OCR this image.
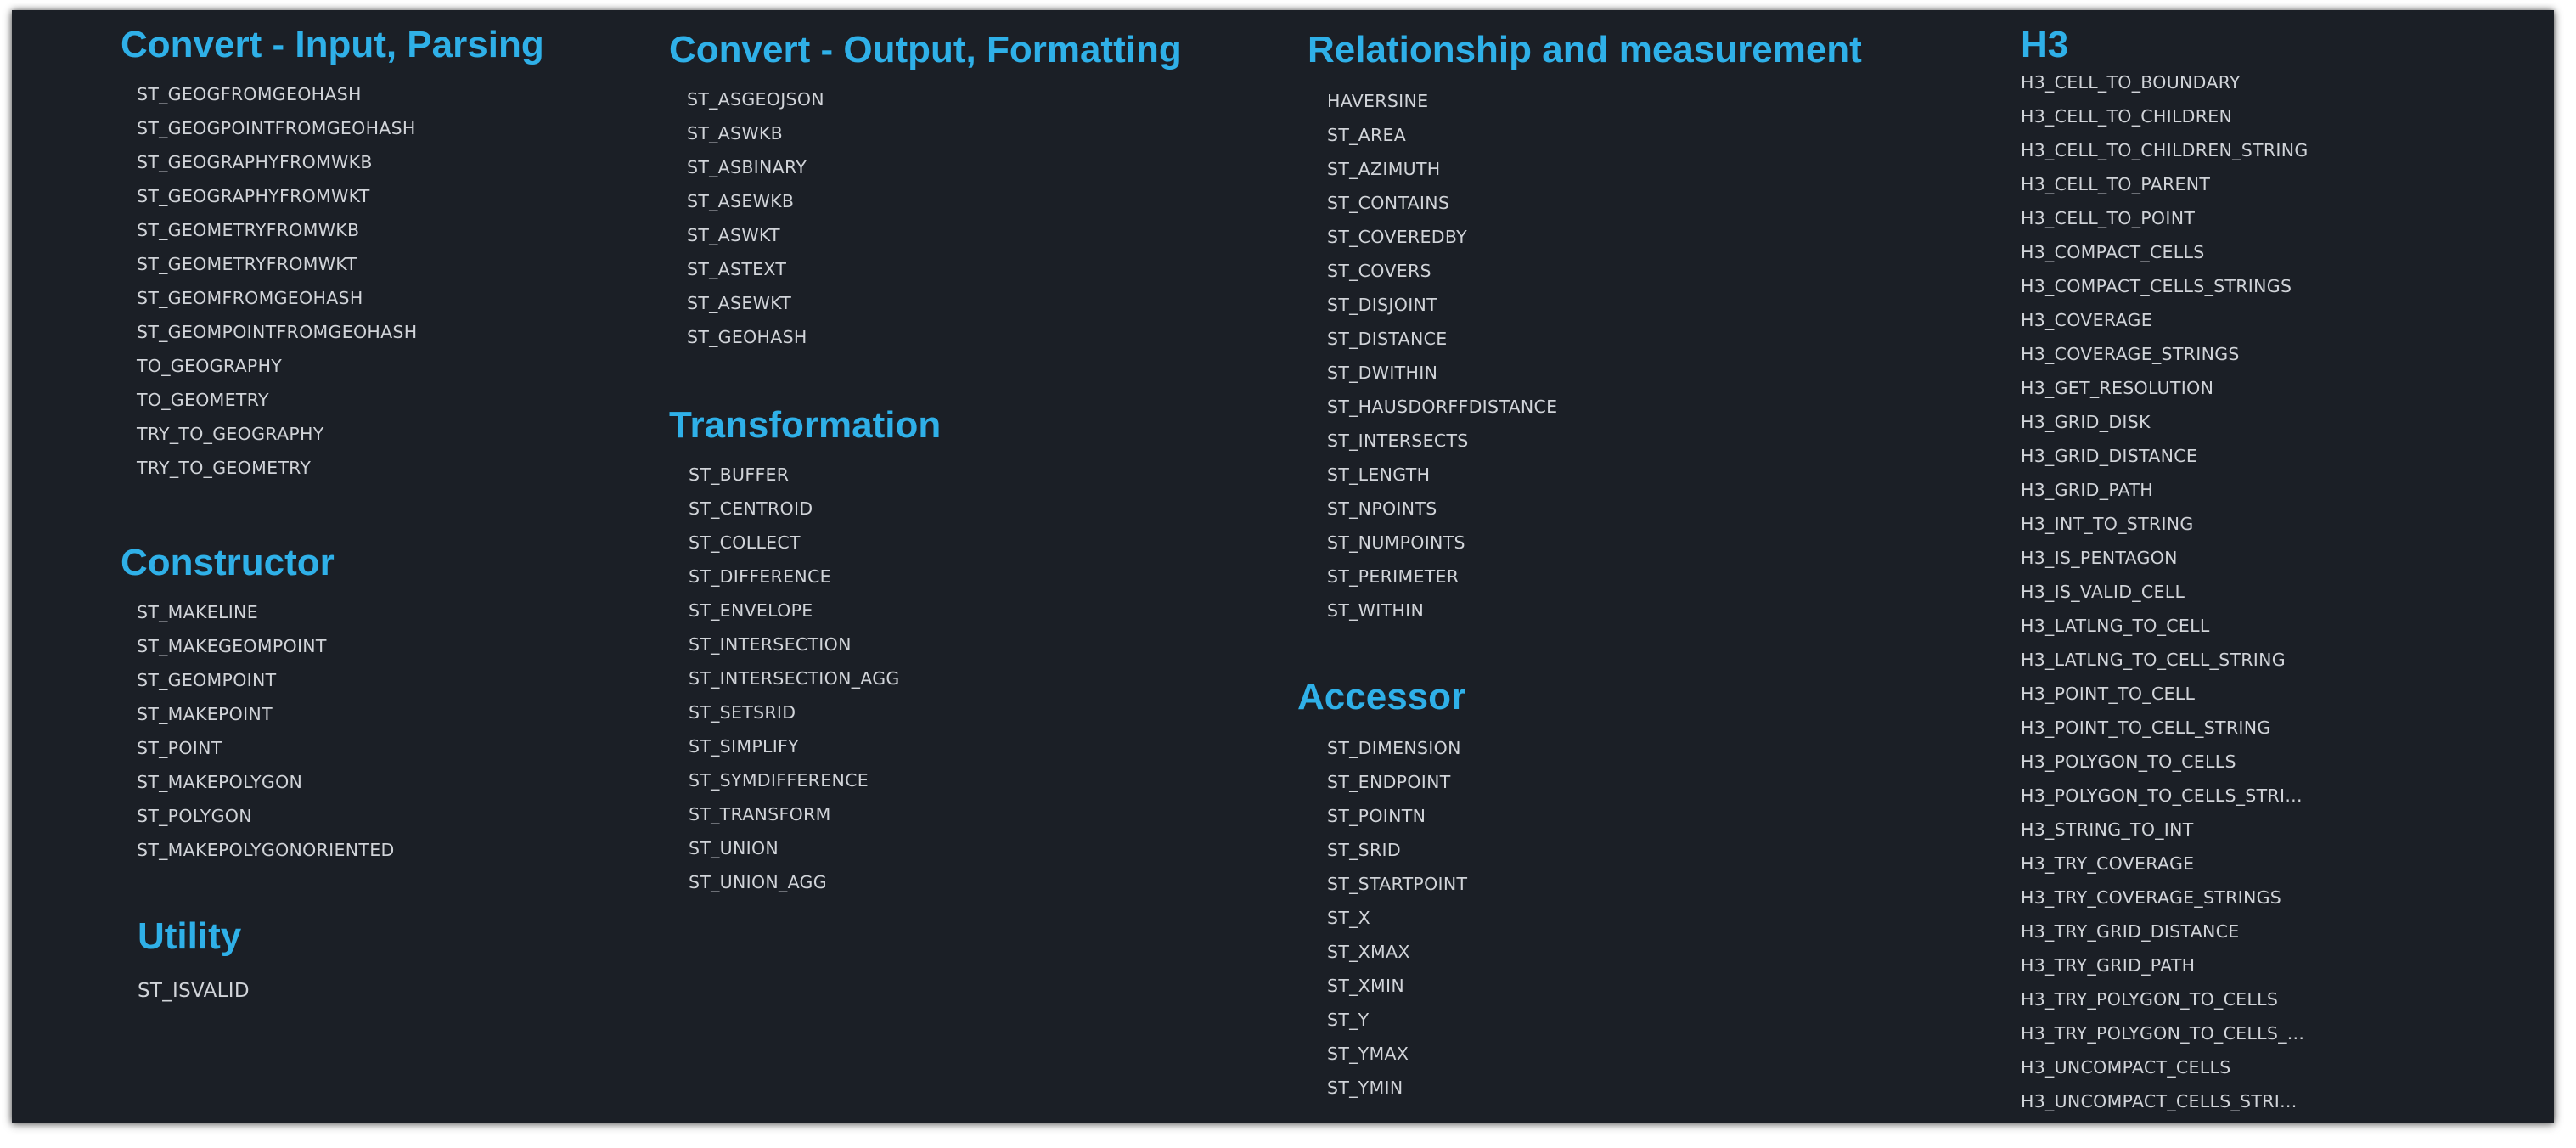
Convert - Input, Parsing
ST_GEOGFROMGEOHASH
ST_GEOGPOINTFROMGEOHASH
ST_GEOGRAPHYFROMWKB
ST_GEOGRAPHYFROMWKT
ST_GEOMETRYFROMWKB
ST_GEOMETRYFROMWKT
ST_GEOMFROMGEOHASH
ST_GEOMPOINTFROMGEOHASH
TO_GEOGRAPHY
TO_GEOMETRY
TRY_TO_GEOGRAPHY
TRY_TO_GEOMETRY
Constructor
ST_MAKELINE
ST_MAKEGEOMPOINT
ST_GEOMPOINT
ST_MAKEPOINT
ST_POINT
ST_MAKEPOLYGON
ST_POLYGON
ST_MAKEPOLYGONORIENTED
Utility
ST_ISVALID
Convert - Output, Formatting
ST_ASGEOJSON
ST_ASWKB
ST_ASBINARY
ST_ASEWKB
ST_ASWKT
ST_ASTEXT
ST_ASEWKT
ST_GEOHASH
Transformation
ST_BUFFER
ST_CENTROID
ST_COLLECT
ST_DIFFERENCE
ST_ENVELOPE
ST_INTERSECTION
ST_INTERSECTION_AGG
ST_SETSRID
ST_SIMPLIFY
ST_SYMDIFFERENCE
ST_TRANSFORM
ST_UNION
ST_UNION_AGG
Relationship and measurement
HAVERSINE
ST_AREA
ST_AZIMUTH
ST_CONTAINS
ST_COVEREDBY
ST_COVERS
ST_DISJOINT
ST_DISTANCE
ST_DWITHIN
ST_HAUSDORFFDISTANCE
ST_INTERSECTS
ST_LENGTH
ST_NPOINTS
ST_NUMPOINTS
ST_PERIMETER
ST_WITHIN
Accessor
ST_DIMENSION
ST_ENDPOINT
ST_POINTN
ST_SRID
ST_STARTPOINT
ST_X
ST_XMAX
ST_XMIN
ST_Y
ST_YMAX
ST_YMIN
H3
H3_CELL_TO_BOUNDARY
H3_CELL_TO_CHILDREN
H3_CELL_TO_CHILDREN_STRING
H3_CELL_TO_PARENT
H3_CELL_TO_POINT
H3_COMPACT_CELLS
H3_COMPACT_CELLS_STRINGS
H3_COVERAGE
H3_COVERAGE_STRINGS
H3_GET_RESOLUTION
H3_GRID_DISK
H3_GRID_DISTANCE
H3_GRID_PATH
H3_INT_TO_STRING
H3_IS_PENTAGON
H3_IS_VALID_CELL
H3_LATLNG_TO_CELL
H3_LATLNG_TO_CELL_STRING
H3_POINT_TO_CELL
H3_POINT_TO_CELL_STRING
H3_POLYGON_TO_CELLS
H3_POLYGON_TO_CELLS_STRI...
H3_STRING_TO_INT
H3_TRY_COVERAGE
H3_TRY_COVERAGE_STRINGS
H3_TRY_GRID_DISTANCE
H3_TRY_GRID_PATH
H3_TRY_POLYGON_TO_CELLS
H3_TRY_POLYGON_TO_CELLS_...
H3_UNCOMPACT_CELLS
H3_UNCOMPACT_CELLS_STRI...
